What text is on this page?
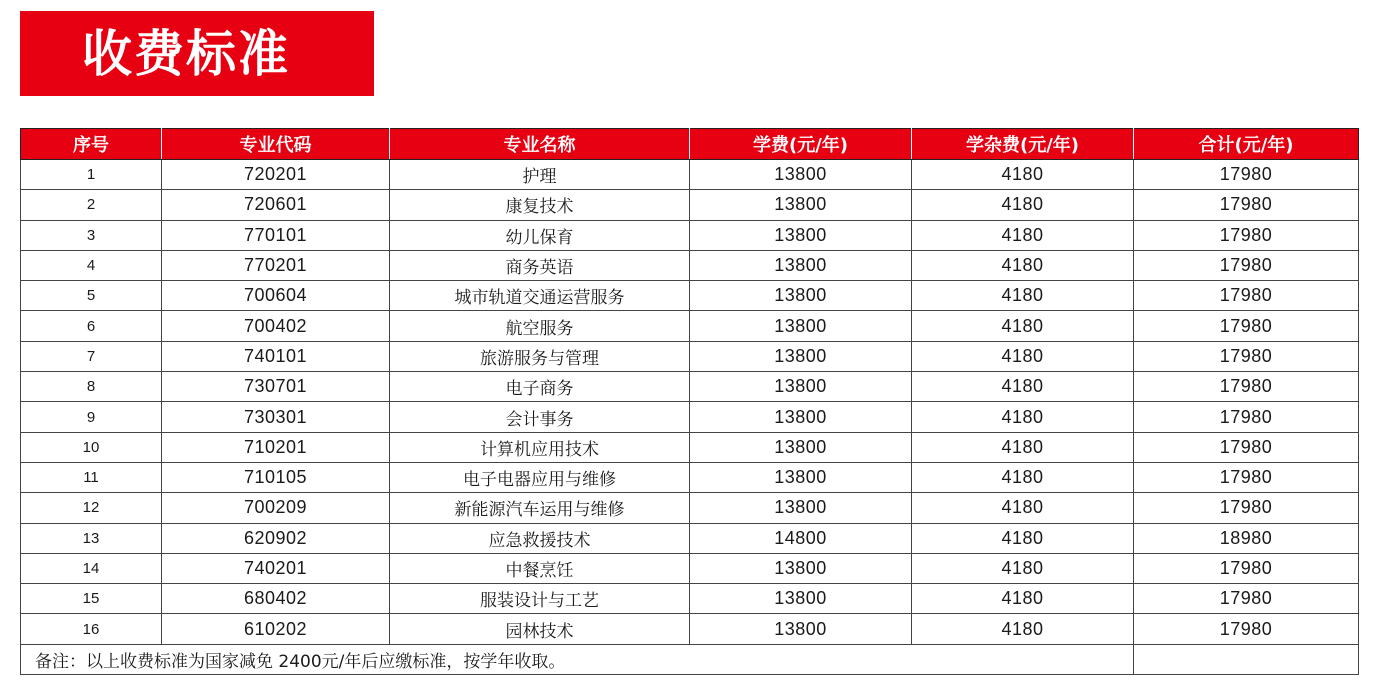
收费标准
序号	专业代码	专业名称	学费(元/年)	学杂费(元/年)	合计(元/年)
1	720201	护理	13800	4180	17980
2	720601	康复技术	13800	4180	17980
3	770101	幼儿保育	13800	4180	17980
4	770201	商务英语	13800	4180	17980
5	700604	城市轨道交通运营服务	13800	4180	17980
6	700402	航空服务	13800	4180	17980
7	740101	旅游服务与管理	13800	4180	17980
8	730701	电子商务	13800	4180	17980
9	730301	会计事务	13800	4180	17980
10	710201	计算机应用技术	13800	4180	17980
11	710105	电子电器应用与维修	13800	4180	17980
12	700209	新能源汽车运用与维修	13800	4180	17980
13	620902	应急救援技术	14800	4180	18980
14	740201	中餐烹饪	13800	4180	17980
15	680402	服装设计与工艺	13800	4180	17980
16	610202	园林技术	13800	4180	17980
备注：以上收费标准为国家减免 2400元/年后应缴标准，按学年收取。					
